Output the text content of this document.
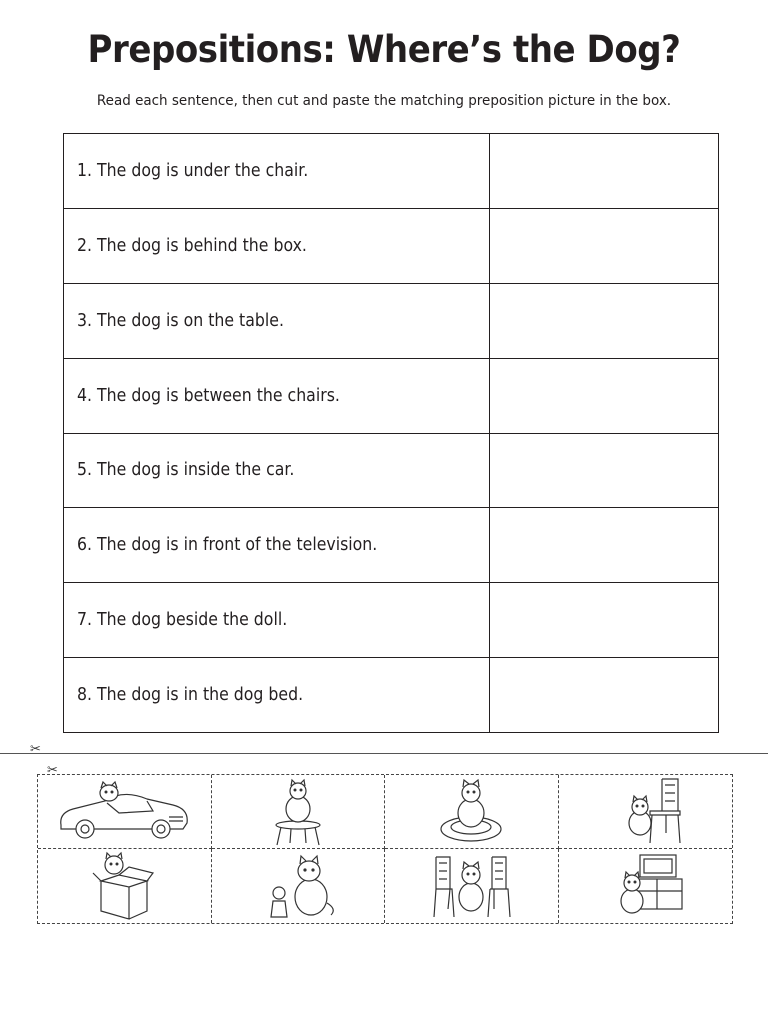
Prepositions: Where’s the Dog?
Read each sentence, then cut and paste the matching preposition picture in the box.
1. The dog is under the chair.	
2. The dog is behind the box.	
3. The dog is on the table.	
4. The dog is between the chairs.	
5. The dog is inside the car.	
6. The dog is in front of the television.	
7. The dog beside the doll.	
8. The dog is in the dog bed.	
✂
✂
